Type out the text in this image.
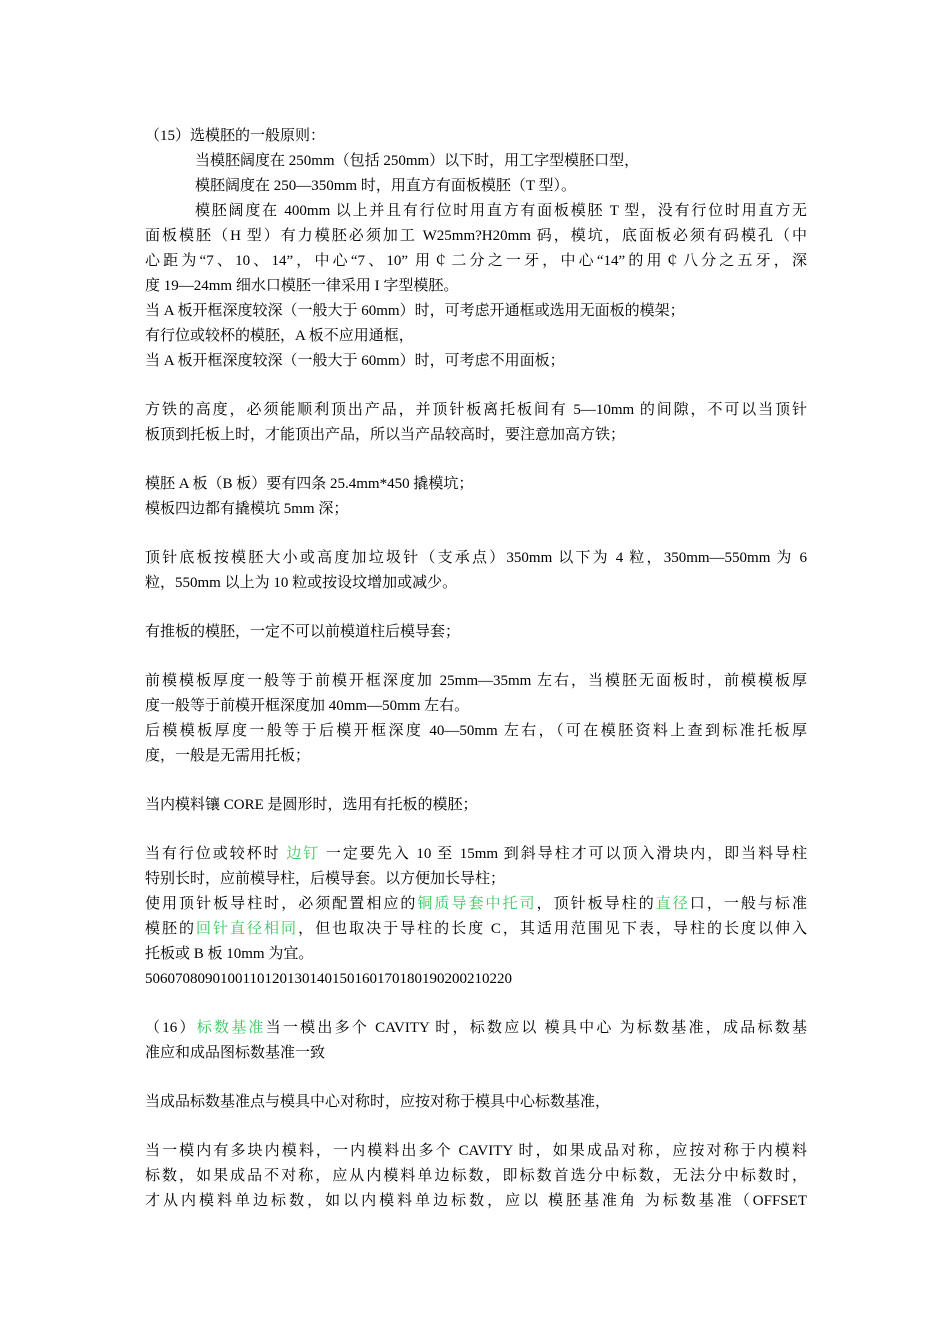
（15）选模胚的一般原则：
当模胚阔度在 250mm（包括 250mm）以下时，用工字型模胚口型，
模胚阔度在 250—350mm 时，用直方有面板模胚（T 型）。
模胚阔度在 400mm 以上并且有行位时用直方有面板模胚 T 型，没有行位时用直方无
面板模胚（H 型）有力模胚必须加工 W25mm?H20mm 码，模坑，底面板必须有码模孔（中
心距为“7、10、14”，中心“7、10” 用￠二分之一牙，中心“14”的用￠八分之五牙，深
度 19—24mm 细水口模胚一律采用 I 字型模胚。
当 A 板开框深度较深（一般大于 60mm）时，可考虑开通框或选用无面板的模架；
有行位或较杯的模胚，A 板不应用通框，
当 A 板开框深度较深（一般大于 60mm）时，可考虑不用面板；
方铁的高度，必须能顺利顶出产品，并顶针板离托板间有 5—10mm 的间隙，不可以当顶针
板顶到托板上时，才能顶出产品，所以当产品较高时，要注意加高方铁；
模胚 A 板（B 板）要有四条 25.4mm*450 撬模坑；
模板四边都有撬模坑 5mm 深；
顶针底板按模胚大小或高度加垃圾针（支承点）350mm 以下为 4 粒，350mm—550mm 为 6
粒，550mm 以上为 10 粒或按设坟增加或减少。
有推板的模胚，一定不可以前模道柱后模导套；
前模模板厚度一般等于前模开框深度加 25mm—35mm 左右，当模胚无面板时，前模模板厚
度一般等于前模开框深度加 40mm—50mm 左右。
后模模板厚度一般等于后模开框深度 40—50mm 左右，（可在模胚资料上查到标准托板厚
度，一般是无需用托板；
当内模料镶 CORE 是圆形时，选用有托板的模胚；
当有行位或较杯时 边钉 一定要先入 10 至 15mm 到斜导柱才可以顶入滑块内，即当料导柱
特别长时，应前模导柱，后模导套。以方便加长导柱；
使用顶针板导柱时，必须配置相应的铜质导套中托司，顶针板导柱的直径口，一般与标准
模胚的回针直径相同，但也取决于导柱的长度 C，其适用范围见下表，导柱的长度以伸入
托板或 B 板 10mm 为宜。
506070809010011012013014015016017018019020021022​0
（16）标数基准当一模出多个 CAVITY 时，标数应以 模具中心 为标数基准，成品标数基
准应和成品图标数基准一致
当成品标数基准点与模具中心对称时，应按对称于模具中心标数基准，
当一模内有多块内模料，一内模料出多个 CAVITY 时，如果成品对称，应按对称于内模料
标数，如果成品不对称，应从内模料单边标数，即标数首选分中标数，无法分中标数时，
才从内模料单边标数，如以内模料单边标数，应以 模胚基准角 为标数基准（OFFSET
